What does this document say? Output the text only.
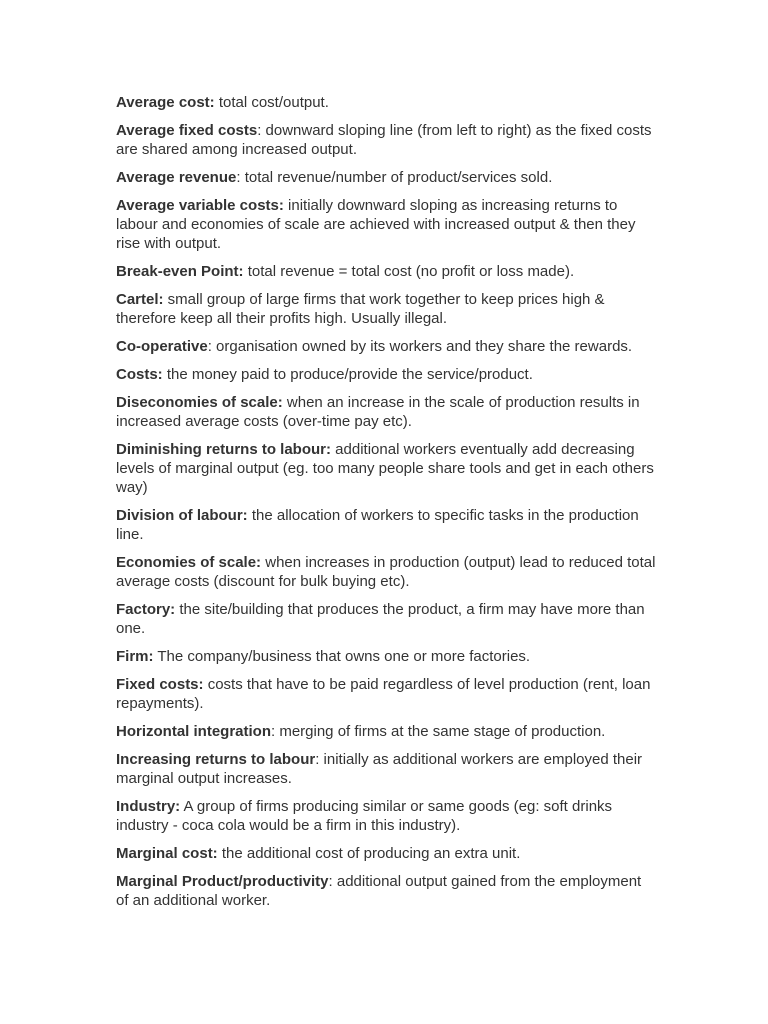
Average cost: total cost/output.

Average fixed costs: downward sloping line (from left to right) as the fixed costs are shared among increased output.

Average revenue: total revenue/number of product/services sold.

Average variable costs: initially downward sloping as increasing returns to labour and economies of scale are achieved with increased output & then they rise with output.

Break-even Point: total revenue = total cost (no profit or loss made).

Cartel: small group of large firms that work together to keep prices high & therefore keep all their profits high. Usually illegal.

Co-operative: organisation owned by its workers and they share the rewards.

Costs: the money paid to produce/provide the service/product.

Diseconomies of scale: when an increase in the scale of production results in increased average costs (over-time pay etc).

Diminishing returns to labour: additional workers eventually add decreasing levels of marginal output (eg. too many people share tools and get in each others way)

Division of labour: the allocation of workers to specific tasks in the production line.

Economies of scale: when increases in production (output) lead to reduced total average costs (discount for bulk buying etc).

Factory: the site/building that produces the product, a firm may have more than one.

Firm: The company/business that owns one or more factories.

Fixed costs: costs that have to be paid regardless of level production (rent, loan repayments).

Horizontal integration: merging of firms at the same stage of production.

Increasing returns to labour: initially as additional workers are employed their marginal output increases.

Industry: A group of firms producing similar or same goods (eg: soft drinks industry - coca cola would be a firm in this industry).

Marginal cost: the additional cost of producing an extra unit.

Marginal Product/productivity: additional output gained from the employment of an additional worker.
